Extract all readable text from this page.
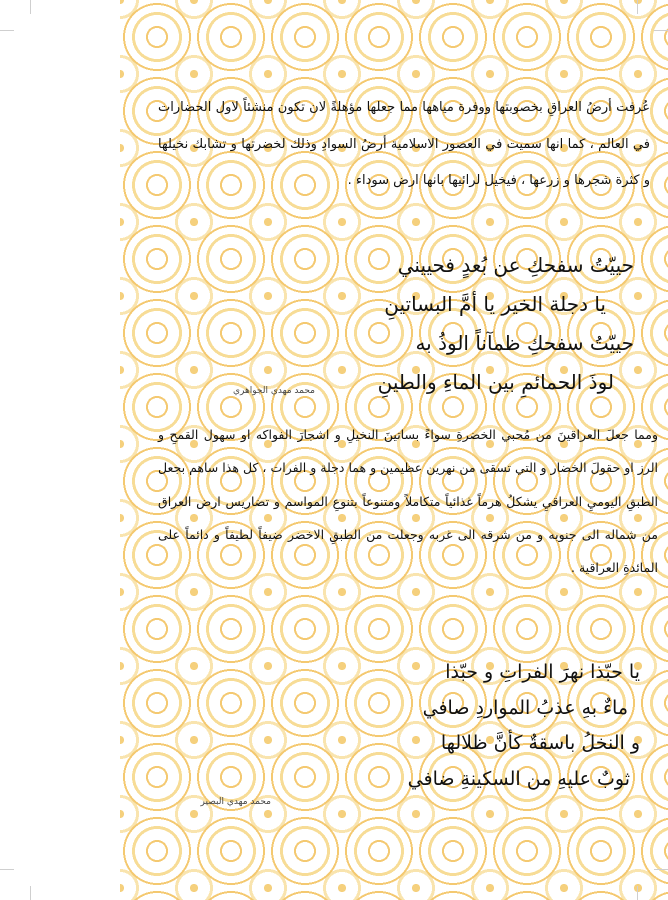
عُرفت أرضُ العراقِ بخصوبتها ووفرة مياهها مما جعلها مؤهلةً لان تكون منشئاً لاول الحضارات في العالم ، كما انها سميت في العصور الاسلامية أرضُ السوادِ وذلك لخضرتها و تشابك نخيلها و كثرة شجرها و زرعها ، فيخيل لرائيها بانها ارض سوداء .

حييّتُ سفحكِ عن بُعدٍ فحييني
يا دجلة الخير يا أمَّ البساتينِ
حييّتُ سفحكِ ظمآناً الوذُ به
لوذَ الحمائمِ بين الماءِ والطينِ
محمد مهدي الجواهري

ومما جعلَ العراقينَ من مُحبي الخضرةِ سواءً بساتينَ النخيلِ و اشجارَ الفواكه او سهول القمحِ و الرز او حقولَ الخضار و التي تسقى من نهرين عظيمين و هما دجلة و الفرات ، كل هذا ساهم بجعل الطبقِ اليوميِ العراقيِ يشكلُ هرماً غذائياً متكاملاً ومتنوعاً بتنوعِ المواسم و تضاريس ارض العراق من شماله الى جنوبه و من شرقه الى غربه وجعلت من الطبقِ الاخضر ضيفاً لطيفاً و دائماً على المائدةِ العراقية .

يا حبّذا نهرَ الفراتِ و حبّذا
ماءٌ بهِ عذبُ المواردِ صافي
و النخلُ باسقةٌ كأنَّ ظلالها
ثوبٌ عليهِ من السكينةِ ضافي
محمد مهدي البصير
